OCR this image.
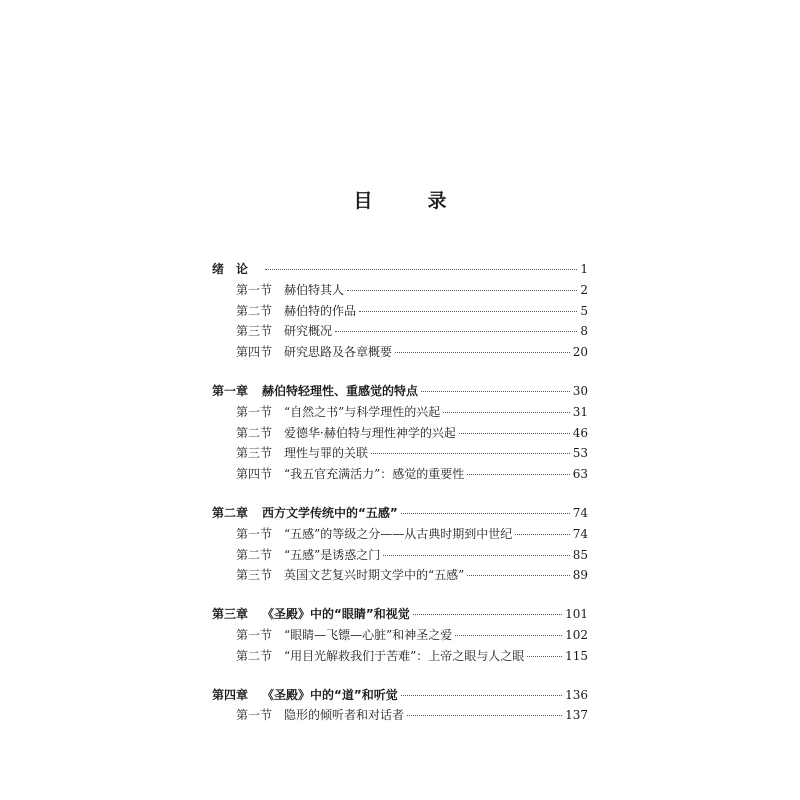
目　录
绪　论	1
第一节 赫伯特其人	2
第二节 赫伯特的作品	5
第三节 研究概况	8
第四节 研究思路及各章概要	20
第一章 赫伯特轻理性、重感觉的特点	30
第一节 “自然之书”与科学理性的兴起	31
第二节 爱德华·赫伯特与理性神学的兴起	46
第三节 理性与罪的关联	53
第四节 “我五官充满活力”：感觉的重要性	63
第二章 西方文学传统中的“五感”	74
第一节 “五感”的等级之分——从古典时期到中世纪	74
第二节 “五感”是诱惑之门	85
第三节 英国文艺复兴时期文学中的“五感”	89
第三章 《圣殿》中的“眼睛”和视觉	101
第一节 “眼睛—飞镖—心脏”和神圣之爱	102
第二节 “用目光解救我们于苦难”：上帝之眼与人之眼	115
第四章 《圣殿》中的“道”和听觉	136
第一节 隐形的倾听者和对话者	137
